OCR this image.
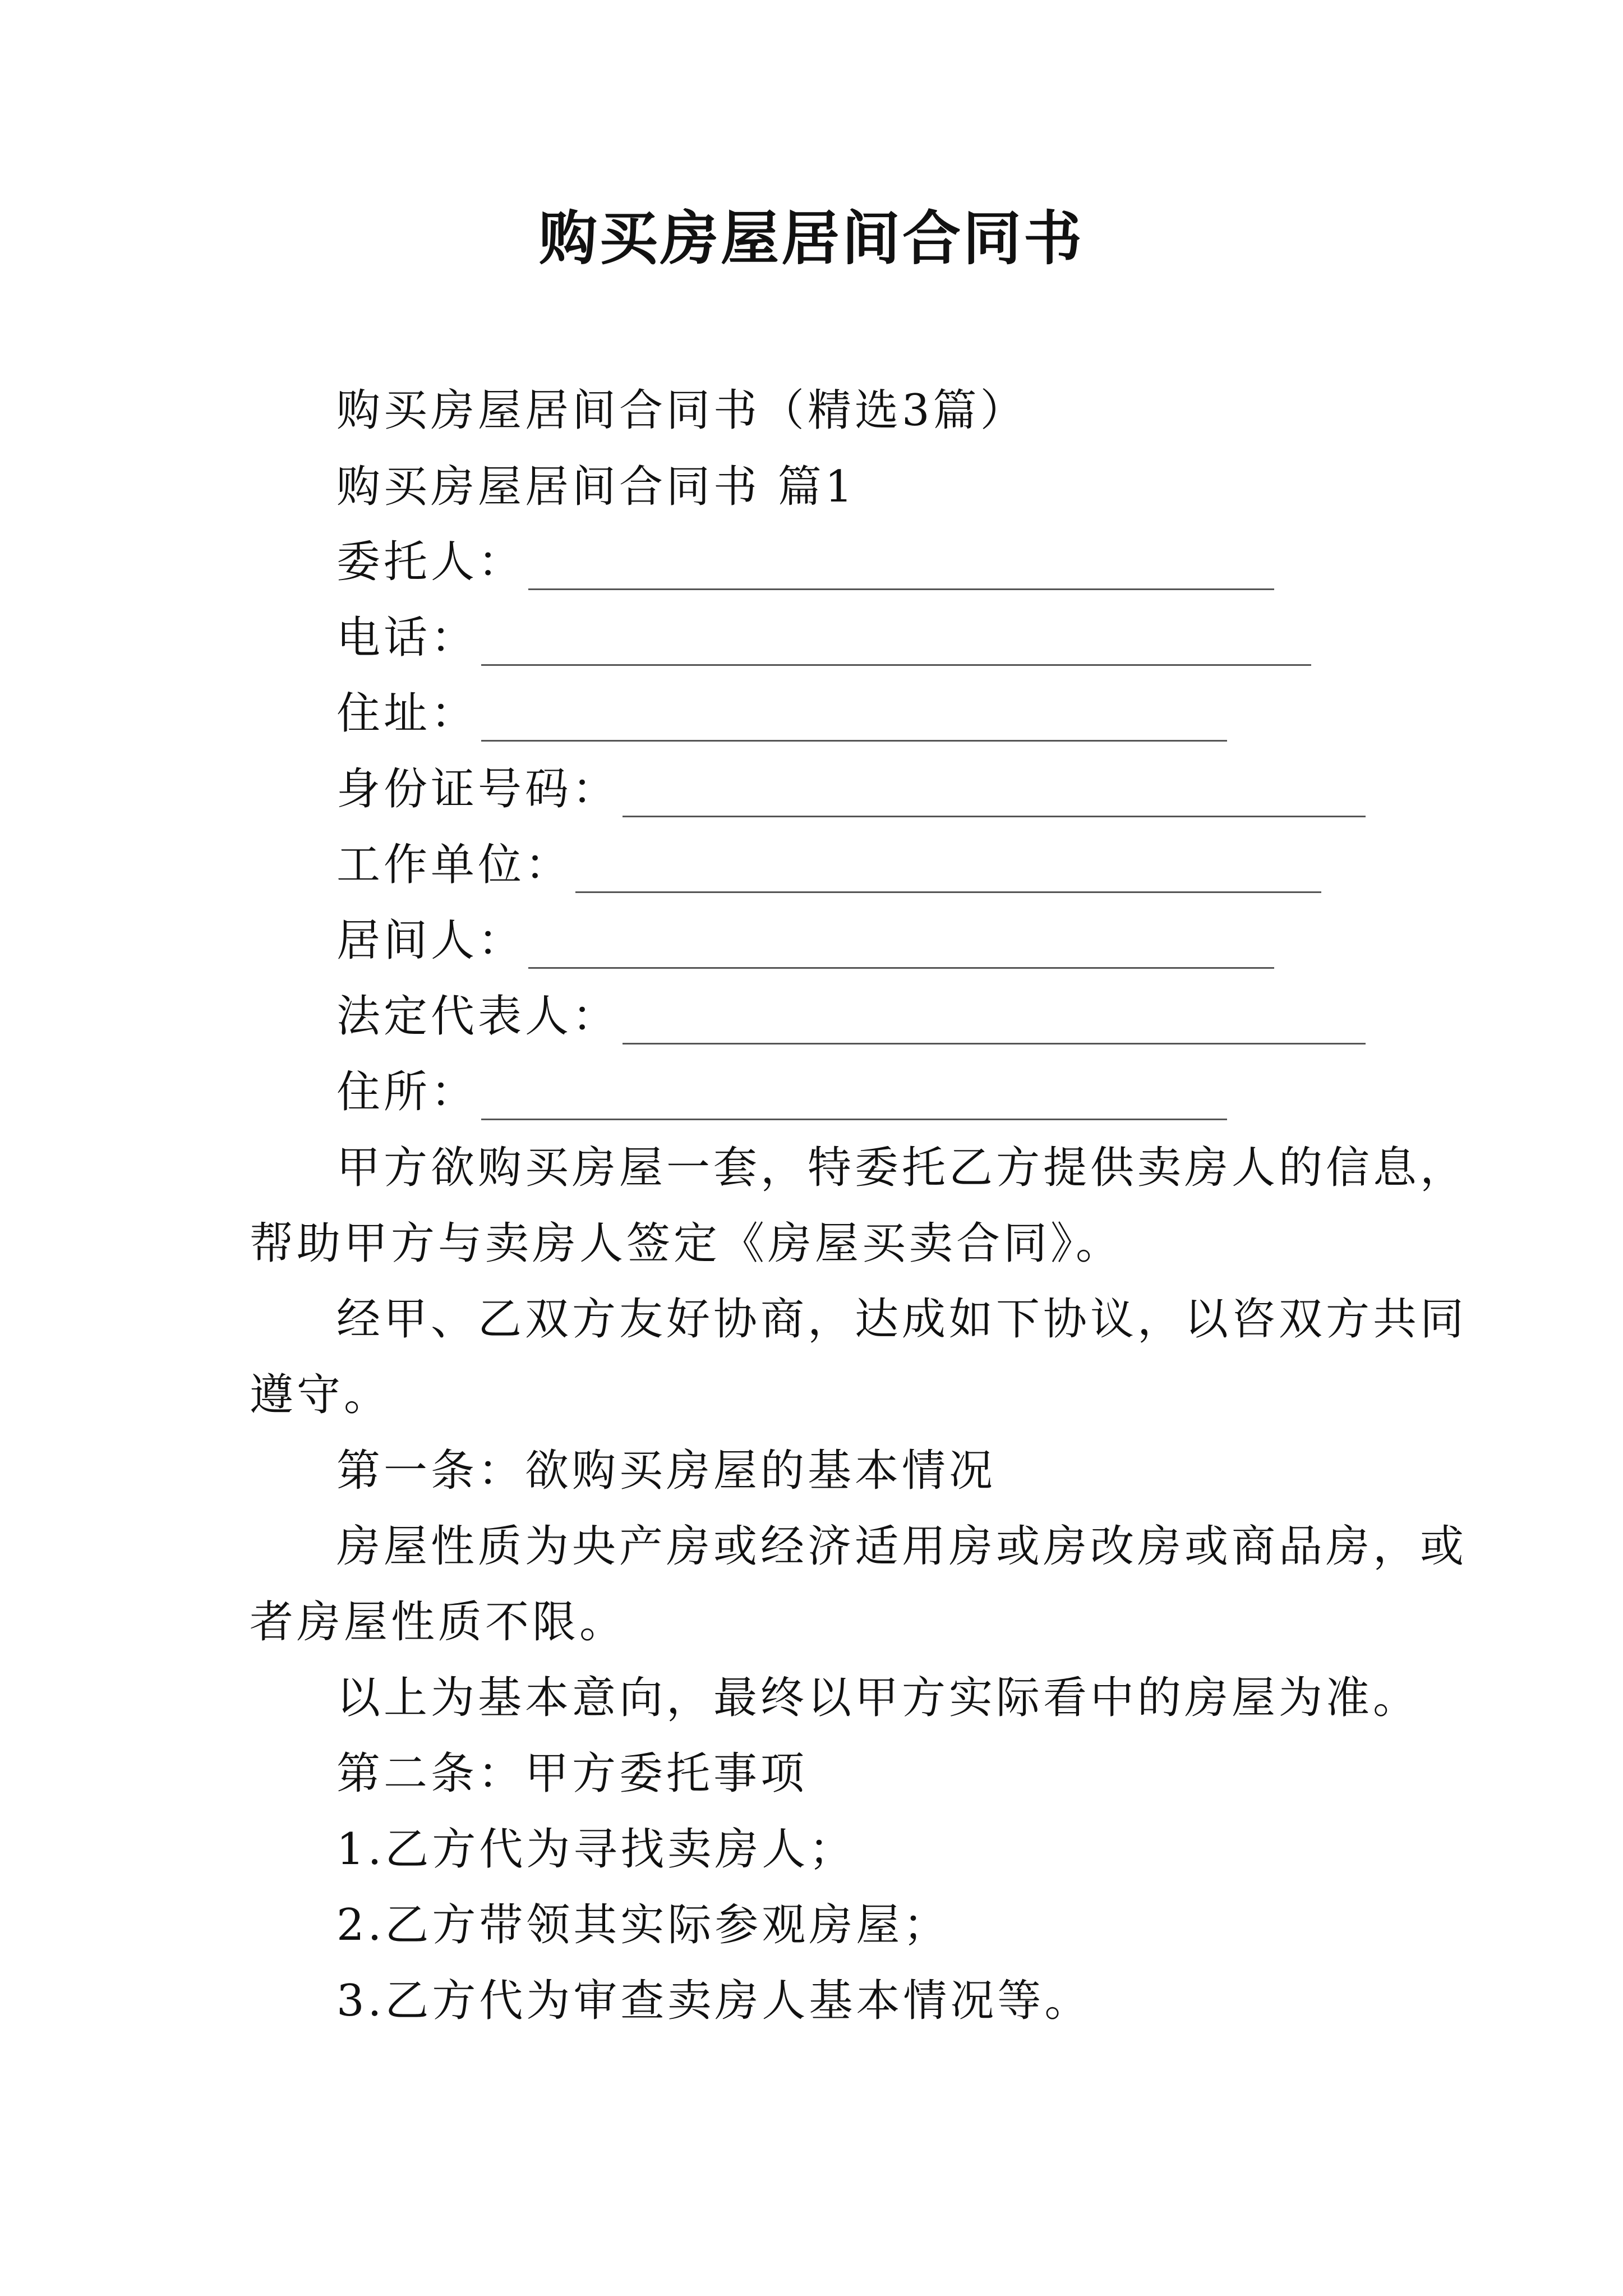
购买房屋居间合同书
购买房屋居间合同书（精选3篇）
购买房屋居间合同书 篇1
委托人：
电话：
住址：
身份证号码：
工作单位：
居间人：
法定代表人：
住所：
甲方欲购买房屋一套，特委托乙方提供卖房人的信息，
帮助甲方与卖房人签定《房屋买卖合同》。
经甲、乙双方友好协商，达成如下协议，以咨双方共同
遵守。
第一条：欲购买房屋的基本情况
房屋性质为央产房或经济适用房或房改房或商品房，或
者房屋性质不限。
以上为基本意向，最终以甲方实际看中的房屋为准。
第二条：甲方委托事项
1.乙方代为寻找卖房人；
2.乙方带领其实际参观房屋；
3.乙方代为审查卖房人基本情况等。
